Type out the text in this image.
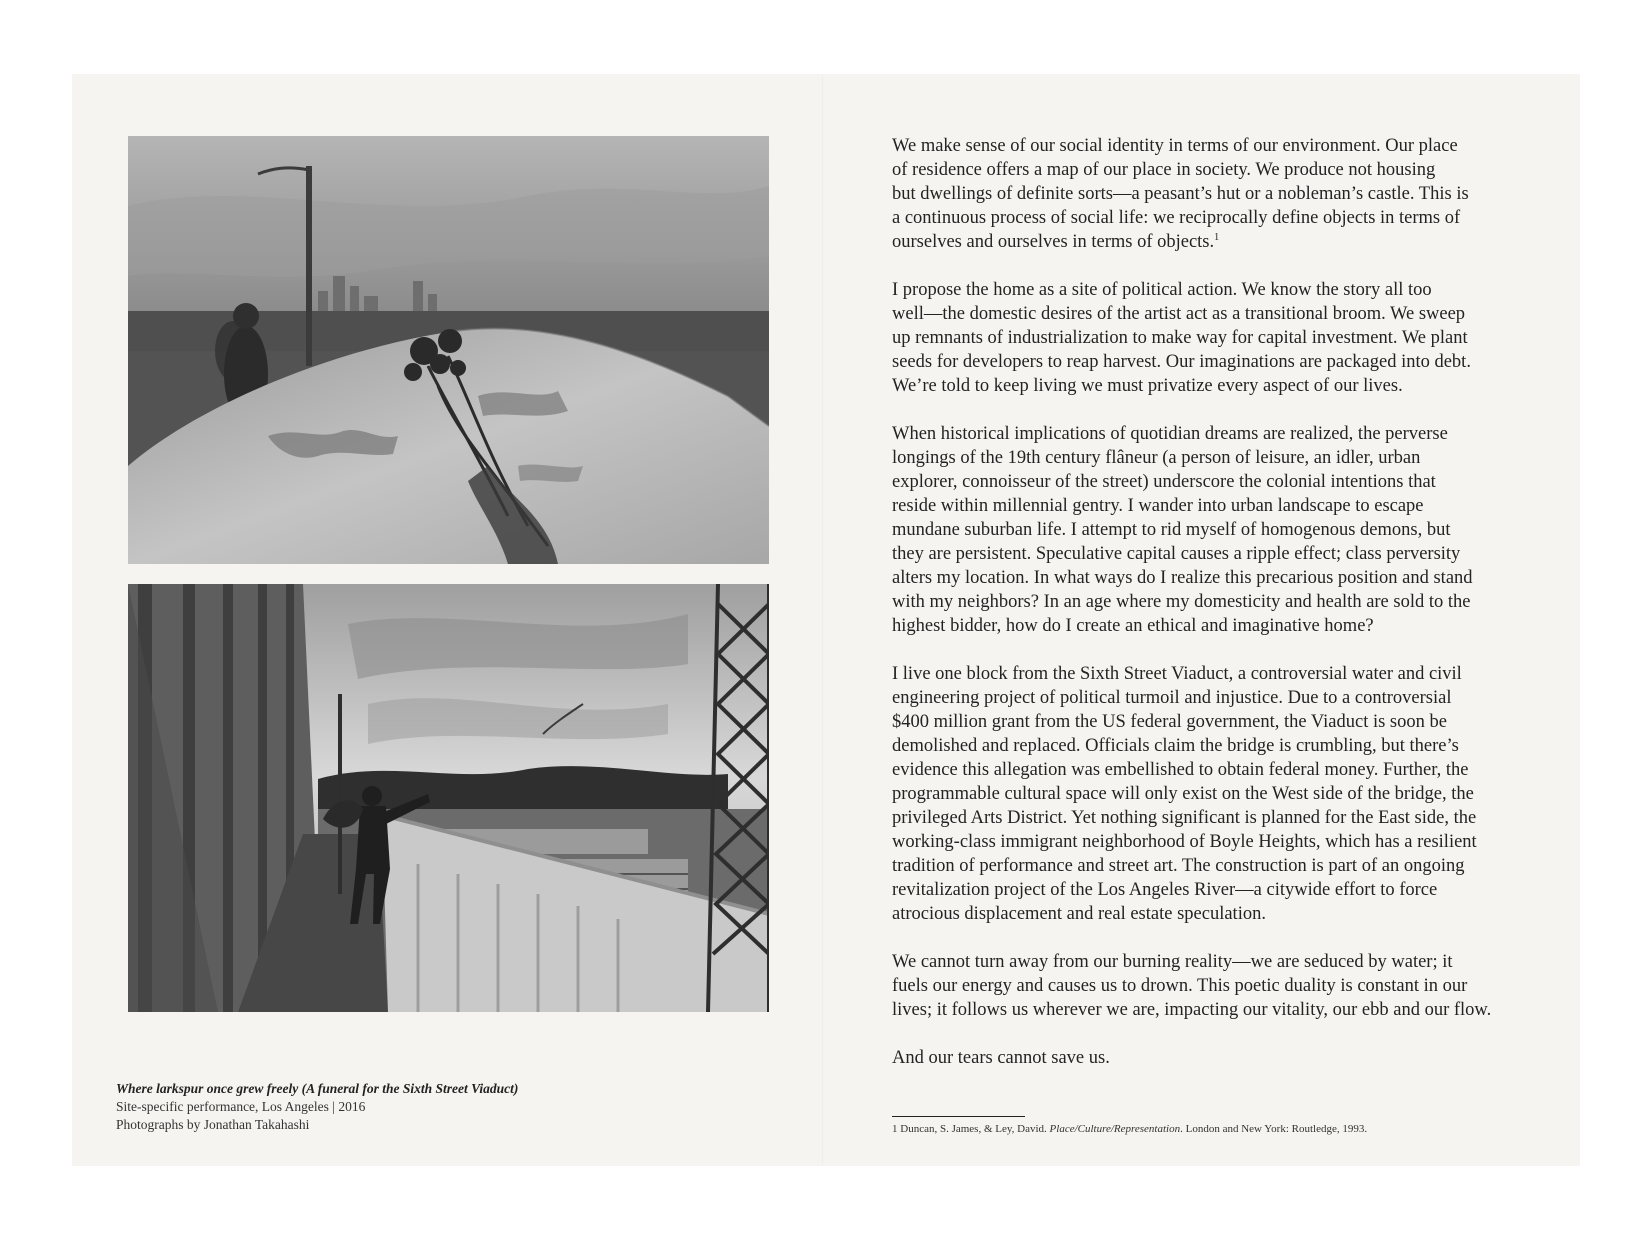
Where larkspur once grew freely (A funeral for the Sixth Street Viaduct)
Site-specific performance, Los Angeles | 2016
Photographs by Jonathan Takahashi

We make sense of our social identity in terms of our environment. Our place
of residence offers a map of our place in society. We produce not housing
but dwellings of definite sorts—a peasant’s hut or a nobleman’s castle. This is
a continuous process of social life: we reciprocally define objects in terms of
ourselves and ourselves in terms of objects.$^1$

I propose the home as a site of political action. We know the story all too
well—the domestic desires of the artist act as a transitional broom. We sweep
up remnants of industrialization to make way for capital investment. We plant
seeds for developers to reap harvest. Our imaginations are packaged into debt.
We’re told to keep living we must privatize every aspect of our lives.

When historical implications of quotidian dreams are realized, the perverse
longings of the 19th century flâneur (a person of leisure, an idler, urban
explorer, connoisseur of the street) underscore the colonial intentions that
reside within millennial gentry. I wander into urban landscape to escape
mundane suburban life. I attempt to rid myself of homogenous demons, but
they are persistent. Speculative capital causes a ripple effect; class perversity
alters my location. In what ways do I realize this precarious position and stand
with my neighbors? In an age where my domesticity and health are sold to the
highest bidder, how do I create an ethical and imaginative home?

I live one block from the Sixth Street Viaduct, a controversial water and civil
engineering project of political turmoil and injustice. Due to a controversial
$400 million grant from the US federal government, the Viaduct is soon be
demolished and replaced. Officials claim the bridge is crumbling, but there’s
evidence this allegation was embellished to obtain federal money. Further, the
programmable cultural space will only exist on the West side of the bridge, the
privileged Arts District. Yet nothing significant is planned for the East side, the
working-class immigrant neighborhood of Boyle Heights, which has a resilient
tradition of performance and street art. The construction is part of an ongoing
revitalization project of the Los Angeles River—a citywide effort to force
atrocious displacement and real estate speculation.

We cannot turn away from our burning reality—we are seduced by water; it
fuels our energy and causes us to drown. This poetic duality is constant in our
lives; it follows us wherever we are, impacting our vitality, our ebb and our flow.

And our tears cannot save us.

1 Duncan, S. James, & Ley, David. Place/Culture/Representation. London and New York: Routledge, 1993.
